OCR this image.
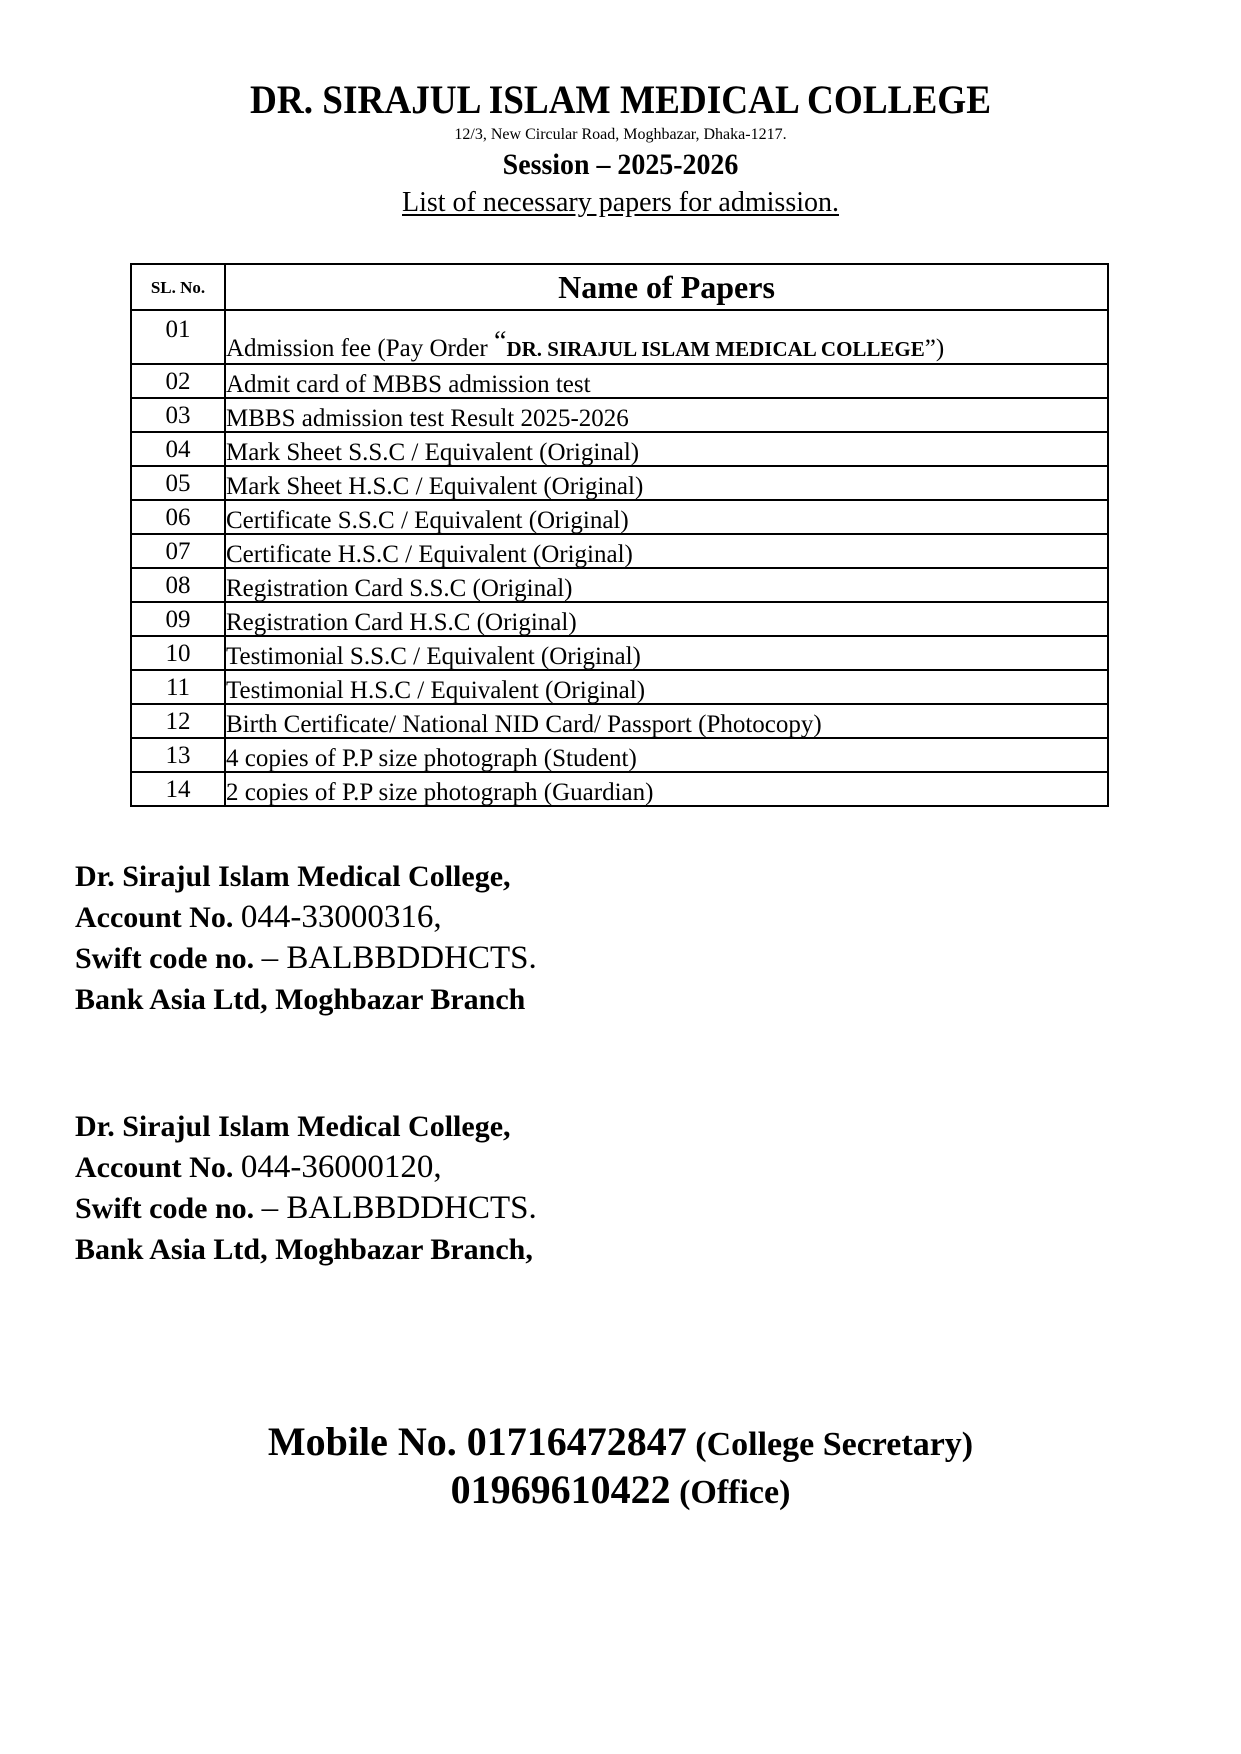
DR. SIRAJUL ISLAM MEDICAL COLLEGE
12/3, New Circular Road, Moghbazar, Dhaka-1217.
Session – 2025-2026
List of necessary papers for admission.
SL. No.	Name of Papers
01	Admission fee (Pay Order “DR. SIRAJUL ISLAM MEDICAL COLLEGE”)
02	Admit card of MBBS admission test
03	MBBS admission test Result 2025-2026
04	Mark Sheet S.S.C / Equivalent (Original)
05	Mark Sheet H.S.C / Equivalent (Original)
06	Certificate S.S.C / Equivalent (Original)
07	Certificate H.S.C / Equivalent (Original)
08	Registration Card S.S.C (Original)
09	Registration Card H.S.C (Original)
10	Testimonial S.S.C / Equivalent (Original)
11	Testimonial H.S.C / Equivalent (Original)
12	Birth Certificate/ National NID Card/ Passport (Photocopy)
13	4 copies of P.P size photograph (Student)
14	2 copies of P.P size photograph (Guardian)
Dr. Sirajul Islam Medical College,
Account No. 044-33000316,
Swift code no. – BALBBDDHCTS.
Bank Asia Ltd, Moghbazar Branch
Dr. Sirajul Islam Medical College,
Account No. 044-36000120,
Swift code no. – BALBBDDHCTS.
Bank Asia Ltd, Moghbazar Branch,
Mobile No. 01716472847 (College Secretary)
01969610422 (Office)
